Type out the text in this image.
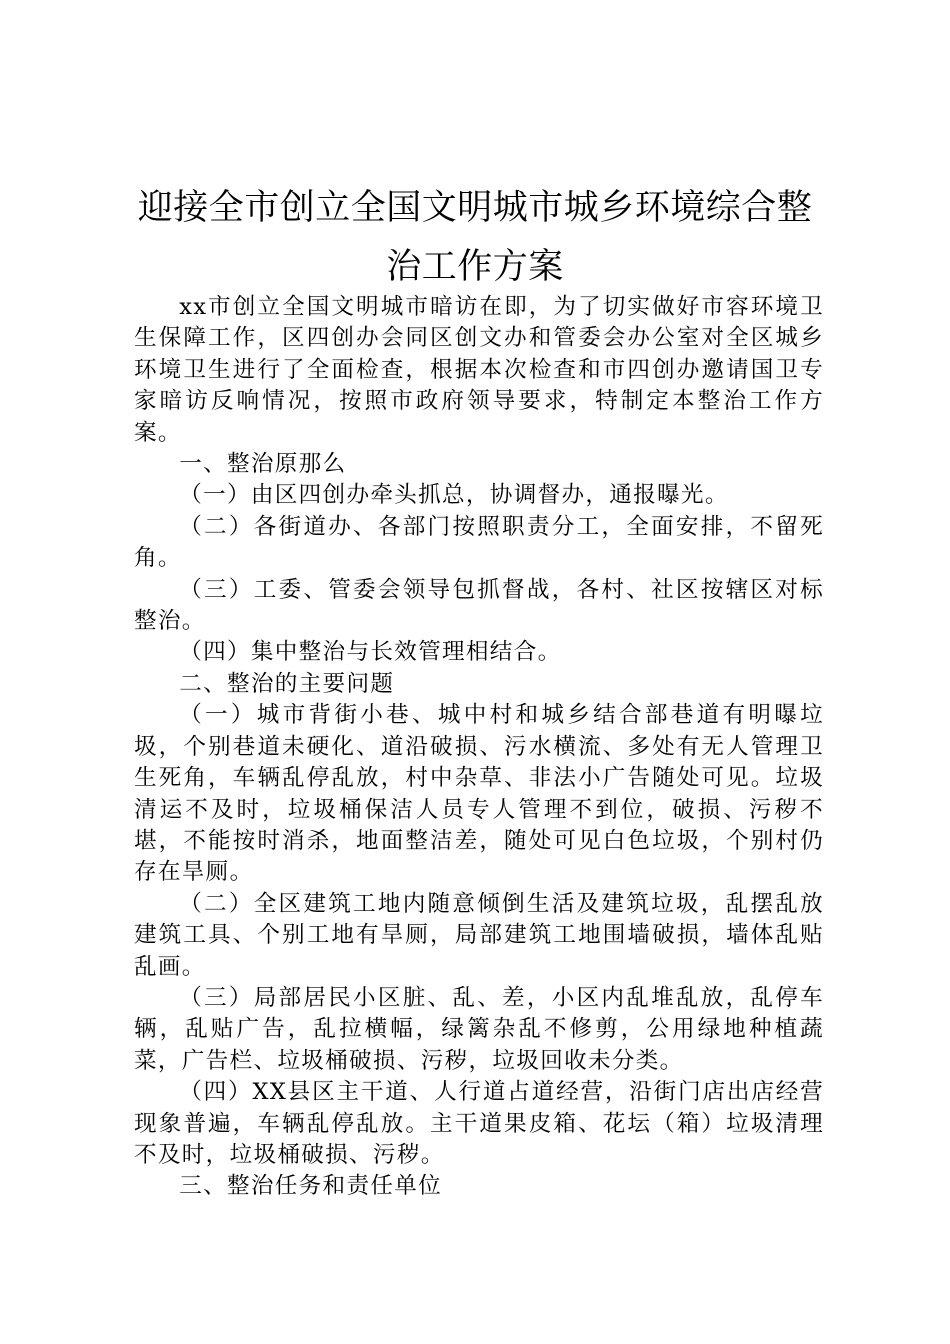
迎接全市创立全国文明城市城乡环境综合整
治工作方案

xx市创立全国文明城市暗访在即，为了切实做好市容环境卫生保障工作，区四创办会同区创文办和管委会办公室对全区城乡环境卫生进行了全面检查，根据本次检查和市四创办邀请国卫专家暗访反响情况，按照市政府领导要求，特制定本整治工作方案。

一、整治原那么

（一）由区四创办牵头抓总，协调督办，通报曝光。

（二）各街道办、各部门按照职责分工，全面安排，不留死角。

（三）工委、管委会领导包抓督战，各村、社区按辖区对标整治。

（四）集中整治与长效管理相结合。

二、整治的主要问题

（一）城市背街小巷、城中村和城乡结合部巷道有明曝垃圾，个别巷道未硬化、道沿破损、污水横流、多处有无人管理卫生死角，车辆乱停乱放，村中杂草、非法小广告随处可见。垃圾清运不及时，垃圾桶保洁人员专人管理不到位，破损、污秽不堪，不能按时消杀，地面整洁差，随处可见白色垃圾，个别村仍存在旱厕。

（二）全区建筑工地内随意倾倒生活及建筑垃圾，乱摆乱放建筑工具、个别工地有旱厕，局部建筑工地围墙破损，墙体乱贴乱画。

（三）局部居民小区脏、乱、差，小区内乱堆乱放，乱停车辆，乱贴广告，乱拉横幅，绿篱杂乱不修剪，公用绿地种植蔬菜，广告栏、垃圾桶破损、污秽，垃圾回收未分类。

（四）XX县区主干道、人行道占道经营，沿街门店出店经营现象普遍，车辆乱停乱放。主干道果皮箱、花坛（箱）垃圾清理不及时，垃圾桶破损、污秽。

三、整治任务和责任单位
